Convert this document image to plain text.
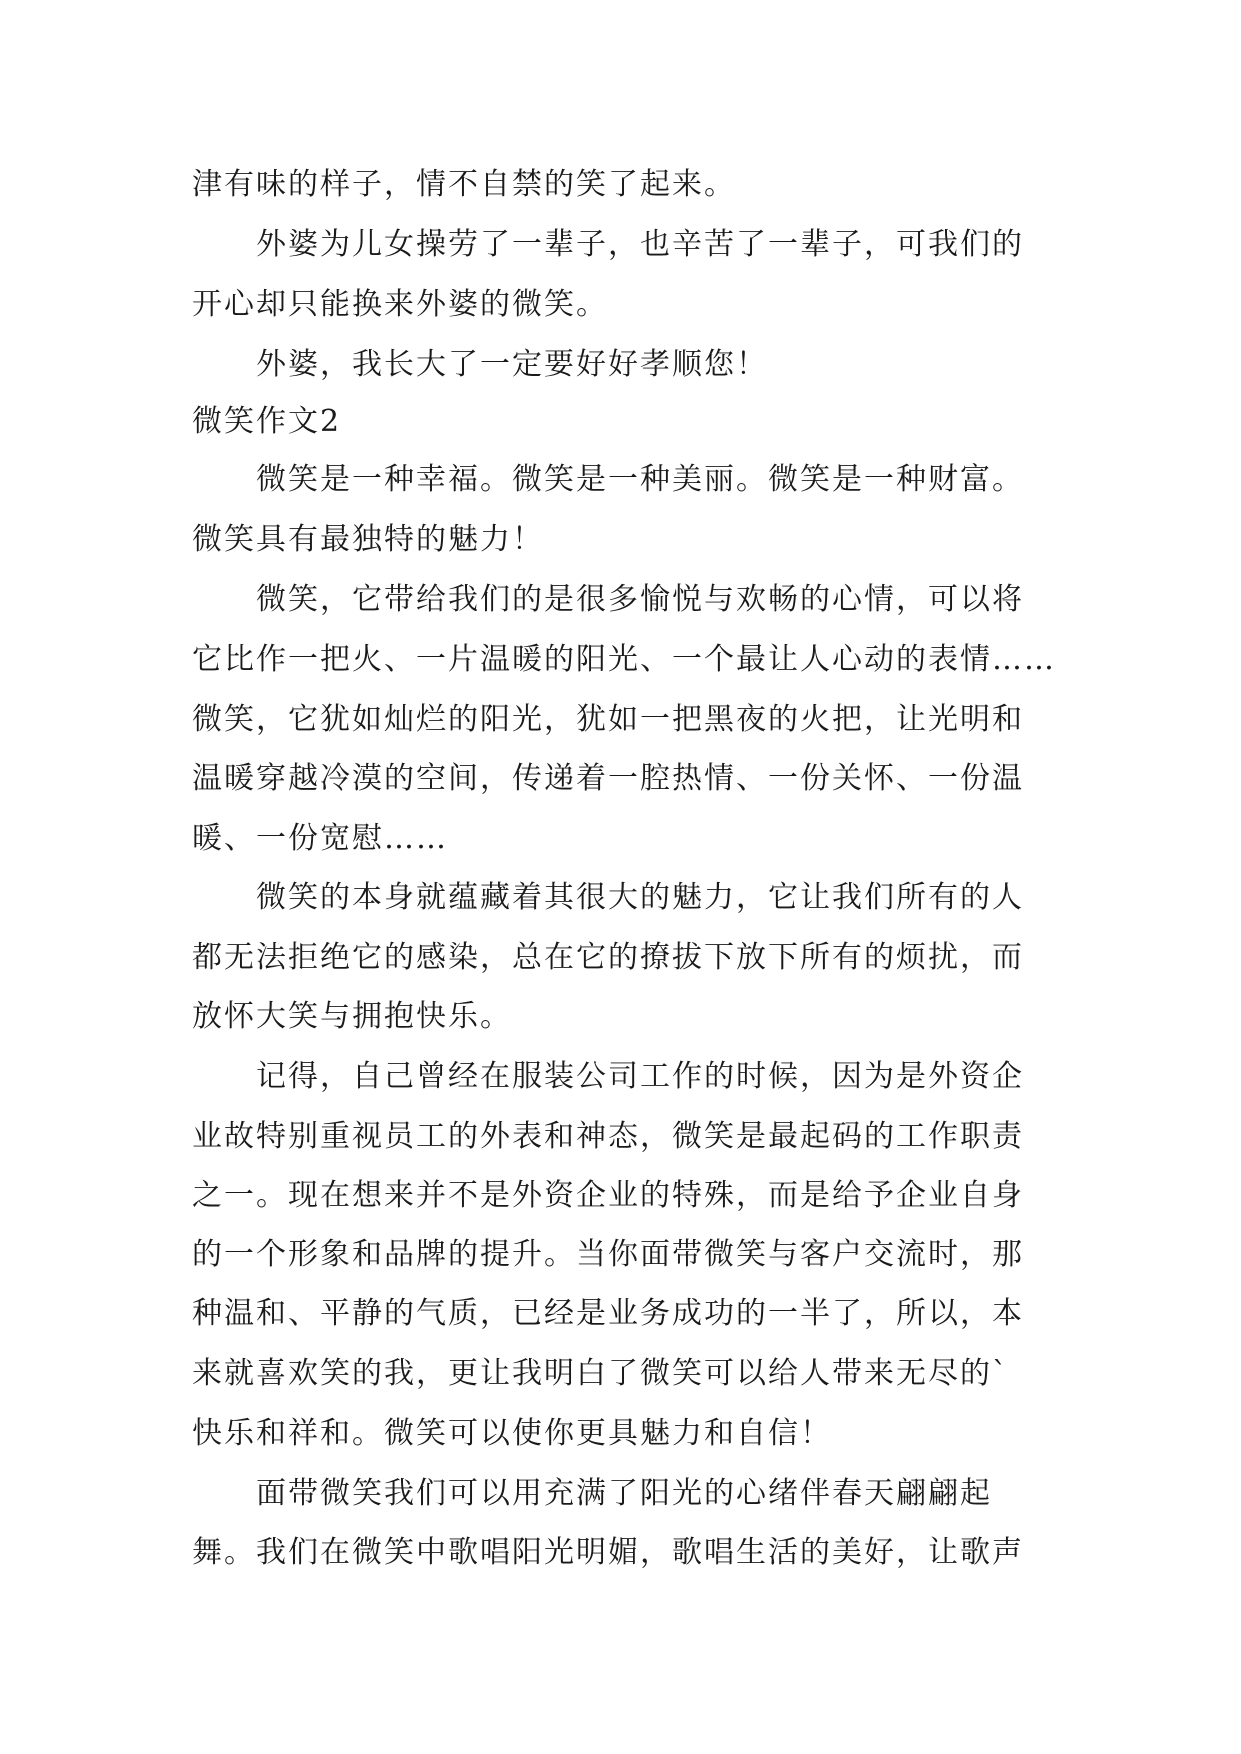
津有味的样子，情不自禁的笑了起来。
外婆为儿女操劳了一辈子，也辛苦了一辈子，可我们的
开心却只能换来外婆的微笑。
外婆，我长大了一定要好好孝顺您！
微笑作文2
微笑是一种幸福。微笑是一种美丽。微笑是一种财富。
微笑具有最独特的魅力！
微笑，它带给我们的是很多愉悦与欢畅的心情，可以将
它比作一把火、一片温暖的阳光、一个最让人心动的表情……
微笑，它犹如灿烂的阳光，犹如一把黑夜的火把，让光明和
温暖穿越冷漠的空间，传递着一腔热情、一份关怀、一份温
暖、一份宽慰……
微笑的本身就蕴藏着其很大的魅力，它让我们所有的人
都无法拒绝它的感染，总在它的撩拔下放下所有的烦扰，而
放怀大笑与拥抱快乐。
记得，自己曾经在服装公司工作的时候，因为是外资企
业故特别重视员工的外表和神态，微笑是最起码的工作职责
之一。现在想来并不是外资企业的特殊，而是给予企业自身
的一个形象和品牌的提升。当你面带微笑与客户交流时，那
种温和、平静的气质，已经是业务成功的一半了，所以，本
来就喜欢笑的我，更让我明白了微笑可以给人带来无尽的`
快乐和祥和。微笑可以使你更具魅力和自信！
面带微笑我们可以用充满了阳光的心绪伴春天翩翩起
舞。我们在微笑中歌唱阳光明媚，歌唱生活的美好，让歌声
